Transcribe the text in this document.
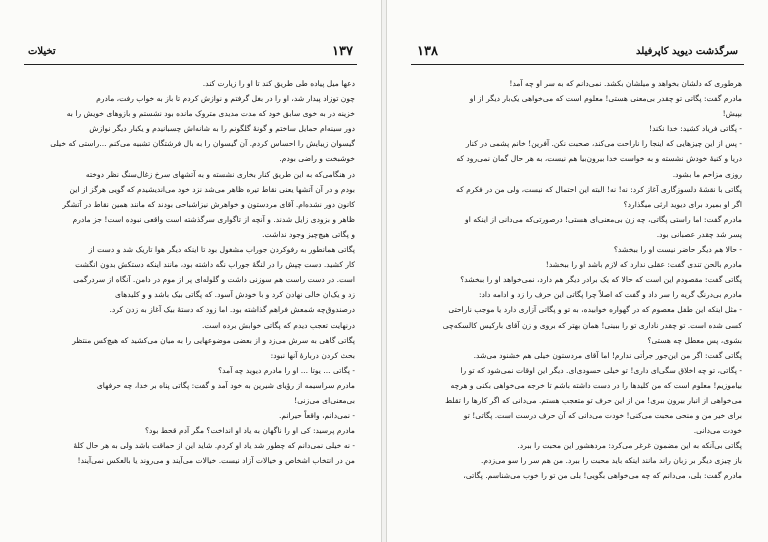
۱۳۷
تخیلات

دعها میل پیاده طی طریق کند تا او را زیارت کند.

چون توزاد پیدار شد، او را در بغل گرفتم و نوازش کردم تا باز به خواب رفت، مادرم

خزینه در به خوی سابق خود که مدت مدیدی متروک مانده بود نشستم و بازوهای خویش را به

دور سینه‌ام حمایل ساختم و گونهٔ گلگونم را به شانه‌اش چسبانیدم و یکبار دیگر نوازش

گیسوان زیبایش را احساس کردم. آن گیسوان را به بال فرشتگان تشبیه می‌کنم ...راستی که خیلی

خوشبخت و راضی بودم.

در هنگامی‌که به این طریق کنار بخاری نشسته و به آتشهای سرخ زغال‌سنگ نظر دوخته

بودم و در آن آتشها یعنی نقاط تیره ظاهر می‌شد نزد خود می‌اندیشیدم که گویی هرگز از این

کانون دور نشده‌ام. آقای مردستون و خواهرش نیزاشباحی بودند که مانند همین نقاط در آتشگر

ظاهر و بزودی زایل شدند. و آنچه از تاگواری سرگذشته است واقعی نبوده است! جز مادرم

و پگاتی هیچ‌چیز وجود نداشت.

پگاتی همانطور به رفوکردن جوراب مشغول بود تا اینکه دیگر هوا تاریک شد و دست از

کار کشید. دست چپش را در لنگهٔ جوراب نگه داشته بود، مانند اینکه دستکش بدون انگشت

است. در دست راست هم سوزنی داشت و گلوله‌ای پر از موم در دامن. آنگاه از سردرگمی

زد و یک‌ان خالی نهادن کرد و با خودش آسود. که پگاتی بیک باشد و و کلیدهای

درصندوق‌چه شمعش فراهم گذاشته بود. اما زود که دستهٔ بیک آغاز به زدن کرد.

درنهایت تعجب دیدم که پگاتی خوابش برده است.

پگاتی گاهی به سرش می‌زد و از بعضی موضوعهایی را به میان می‌کشید که هیچ‌کس منتظر

بحث کردن دربارهٔ آنها نبود:

- پگاتی ... یوتا ... او را مادرم دیوید چه آمد؟

مادرم سراسیمه از رؤیای شیرین به خود آمد و گفت: پگاتی پناه بر خدا، چه حرفهای

بی‌معنی‌ای می‌زنی!

- نمی‌دانم، واقعاً حیرانم.

مادرم پرسید: کی او را ناگهان به یاد او انداخت؟ مگر آدم قحط بود؟

- نه خیلی نمی‌دانم که چطور شد یاد او کردم. شاید این از حماقت باشد ولی به هر حال کلهٔ

من در انتخاب اشخاص و خیالات آزاد نیست. خیالات می‌آیند و می‌روند یا بالعکس نمی‌آیند!

۱۳۸	سرگذشت دیوید کاپرفیلد

هرطوری که دلشان بخواهد و میلشان بکشد. نمی‌دانم که به سر او چه آمد!

مادرم گفت: پگاتی تو چقدر بی‌معنی هستی! معلوم است که می‌خواهی یک‌بار دیگر از او

بپیش!

- پگاتی فریاد کشید: خدا نکند!

- پس از این چیزهایی که اینجا را ناراحت می‌کند، صحبت نکن. آفرین! خانم پشمی در کنار

دریا و کنیهٔ خودش نشسته و به خواست خدا بیرون‌بیا هم نیست، به هر حال گمان نمی‌رود که

روزی مزاحم ما بشود.

پگاتی با نقشهٔ دلسوزگاری آغاز کرد: نه! نه! البته این احتمال که نیست، ولی من در فکرم که

اگر او بمیرد برای دیوید ارثی میگذارد؟

مادرم گفت: اما راستی پگاتی، چه زن بی‌معنی‌ای هستی! درصورتی‌که می‌دانی از اینکه او

پسر شد چقدر عصبانی بود.

- حالا هم دیگر حاضر نیست او را ببخشد؟

مادرم بالحن تندی گفت: عقلی ندارد که لازم باشد او را ببخشد!

پگاتی گفت: مقصودم این است که حالا که یک برادر دیگر هم دارد، نمی‌خواهد او را ببخشد؟

مادرم بی‌درنگ گریه را سر داد و گفت که اصلاً چرا پگاتی این حرف را زد و ادامه داد:

- مثل اینکه این طفل معصوم که در گهواره خوابیده، به تو و پگاتی آزاری دارد یا موجب ناراحتی

کسی شده است. تو چقدر ناداری تو را ببینی! همان بهتر که بروی و زن آقای بارکیس کالسکه‌چی

بشوی، پس معطل چه هستی؟

پگاتی گفت: اگر من این‌جور جرأتی ندارم! اما آقای مردستون خیلی هم خشنود می‌شد.

- پگاتی، تو چه اخلاق سگی‌ای داری! تو خیلی حسودی‌ای. دیگر این اوقات نمی‌شود که تو را

بیاموزیم! معلوم است که من کلیدها را در دست داشته باشم تا خرجه می‌خواهی بکنی و هرچه

می‌خواهی از انبار بیرون ببری! من از این حرف تو متعجب هستم. می‌دانی که اگر کارها را تقلط

برای خیر من و منحی محبت می‌کنی! خودت می‌دانی که آن حرف درست است. پگاتی! تو

خودت می‌دانی.

پگاتی بی‌آنکه به این مضمون غرغر می‌کرد: مردهشور این محبت را ببرد.

باز چیزی دیگر بر زبان راند مانند اینکه باید محبت را ببرد. من هم سر را سو می‌زدم.

مادرم گفت: بلی، می‌دانم که چه می‌خواهی بگویی! بلی من تو را خوب می‌شناسم. پگاتی،
